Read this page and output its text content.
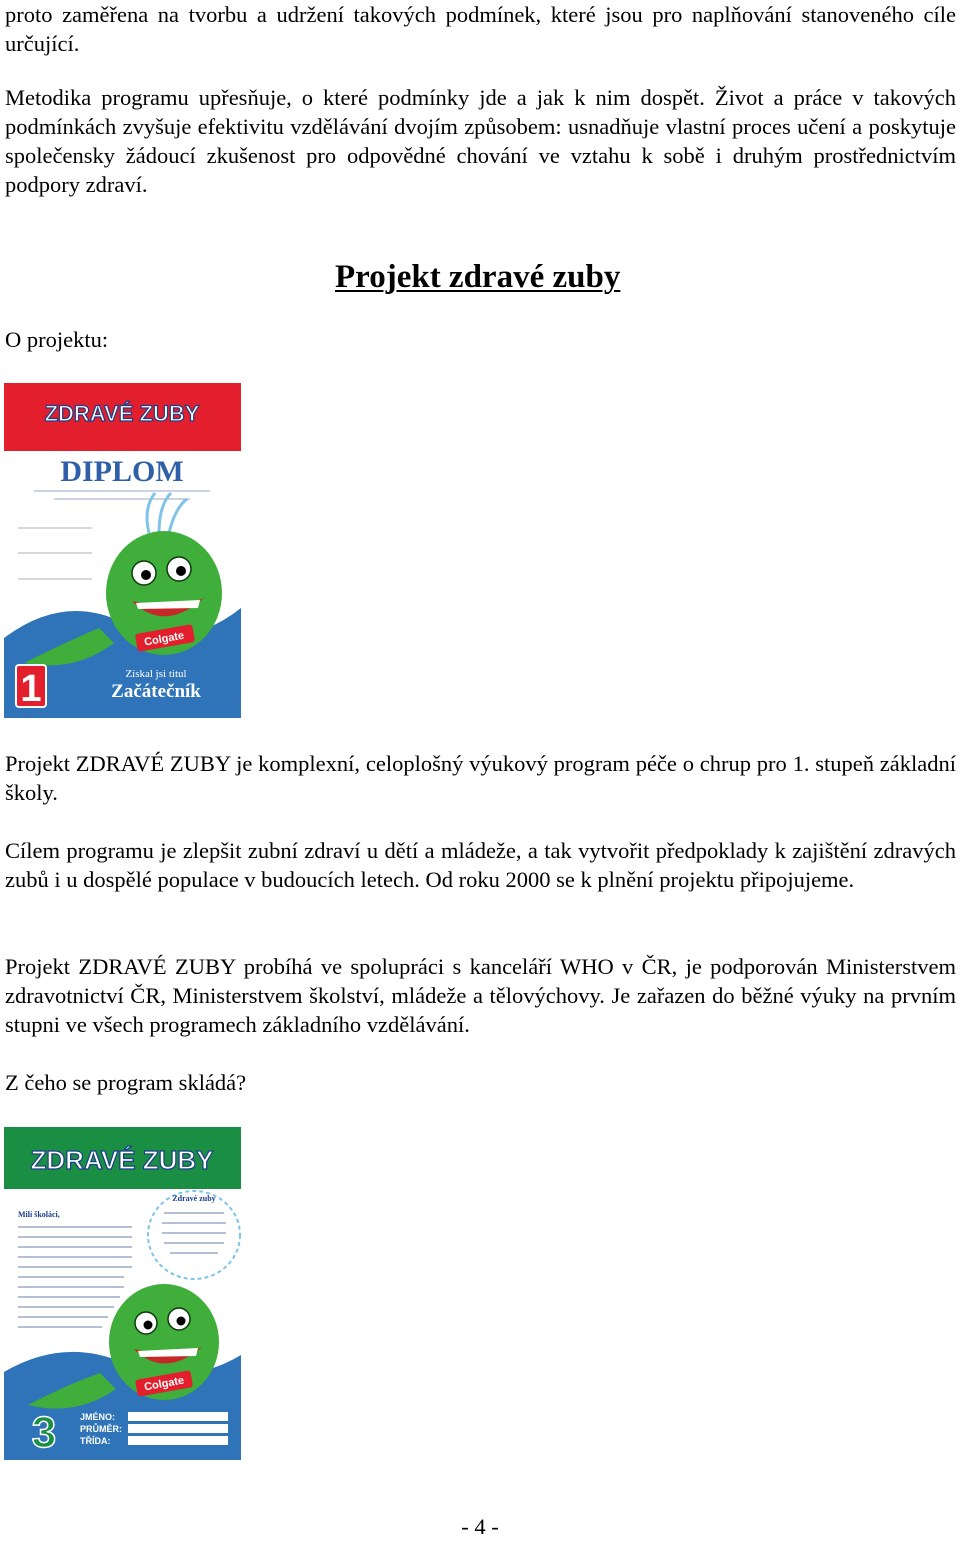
proto zaměřena na tvorbu a udržení takových podmínek, které jsou pro naplňování stanoveného cíle určující.

Metodika programu upřesňuje, o které podmínky jde a jak k nim dospět. Život a práce v takových podmínkách zvyšuje efektivitu vzdělávání dvojím způsobem: usnadňuje vlastní proces učení a poskytuje společensky žádoucí zkušenost pro odpovědné chování ve vztahu k sobě i druhým prostřednictvím podpory zdraví.

Projekt zdravé zuby

O projektu:

ZDRAVÉ ZUBY
DIPLOM
Colgate
1	Získal jsi titul
Začátečník

Projekt ZDRAVÉ ZUBY je komplexní, celoplošný výukový program péče o chrup pro 1. stupeň základní školy.

Cílem programu je zlepšit zubní zdraví u dětí a mládeže, a tak vytvořit předpoklady k zajištění zdravých zubů i u dospělé populace v budoucích letech. Od roku 2000 se k plnění projektu připojujeme.

Projekt ZDRAVÉ ZUBY probíhá ve spolupráci s kanceláří WHO v ČR, je podporován Ministerstvem zdravotnictví ČR, Ministerstvem školství, mládeže a tělovýchovy. Je zařazen do běžné výuky na prvním stupni ve všech programech základního vzdělávání.

Z čeho se program skládá?

ZDRAVÉ ZUBY
Zdravé zuby
Milí školáci,
Colgate
3	JMÉNO:
PRŮMĚR:
TŘÍDA:
- 4 -
